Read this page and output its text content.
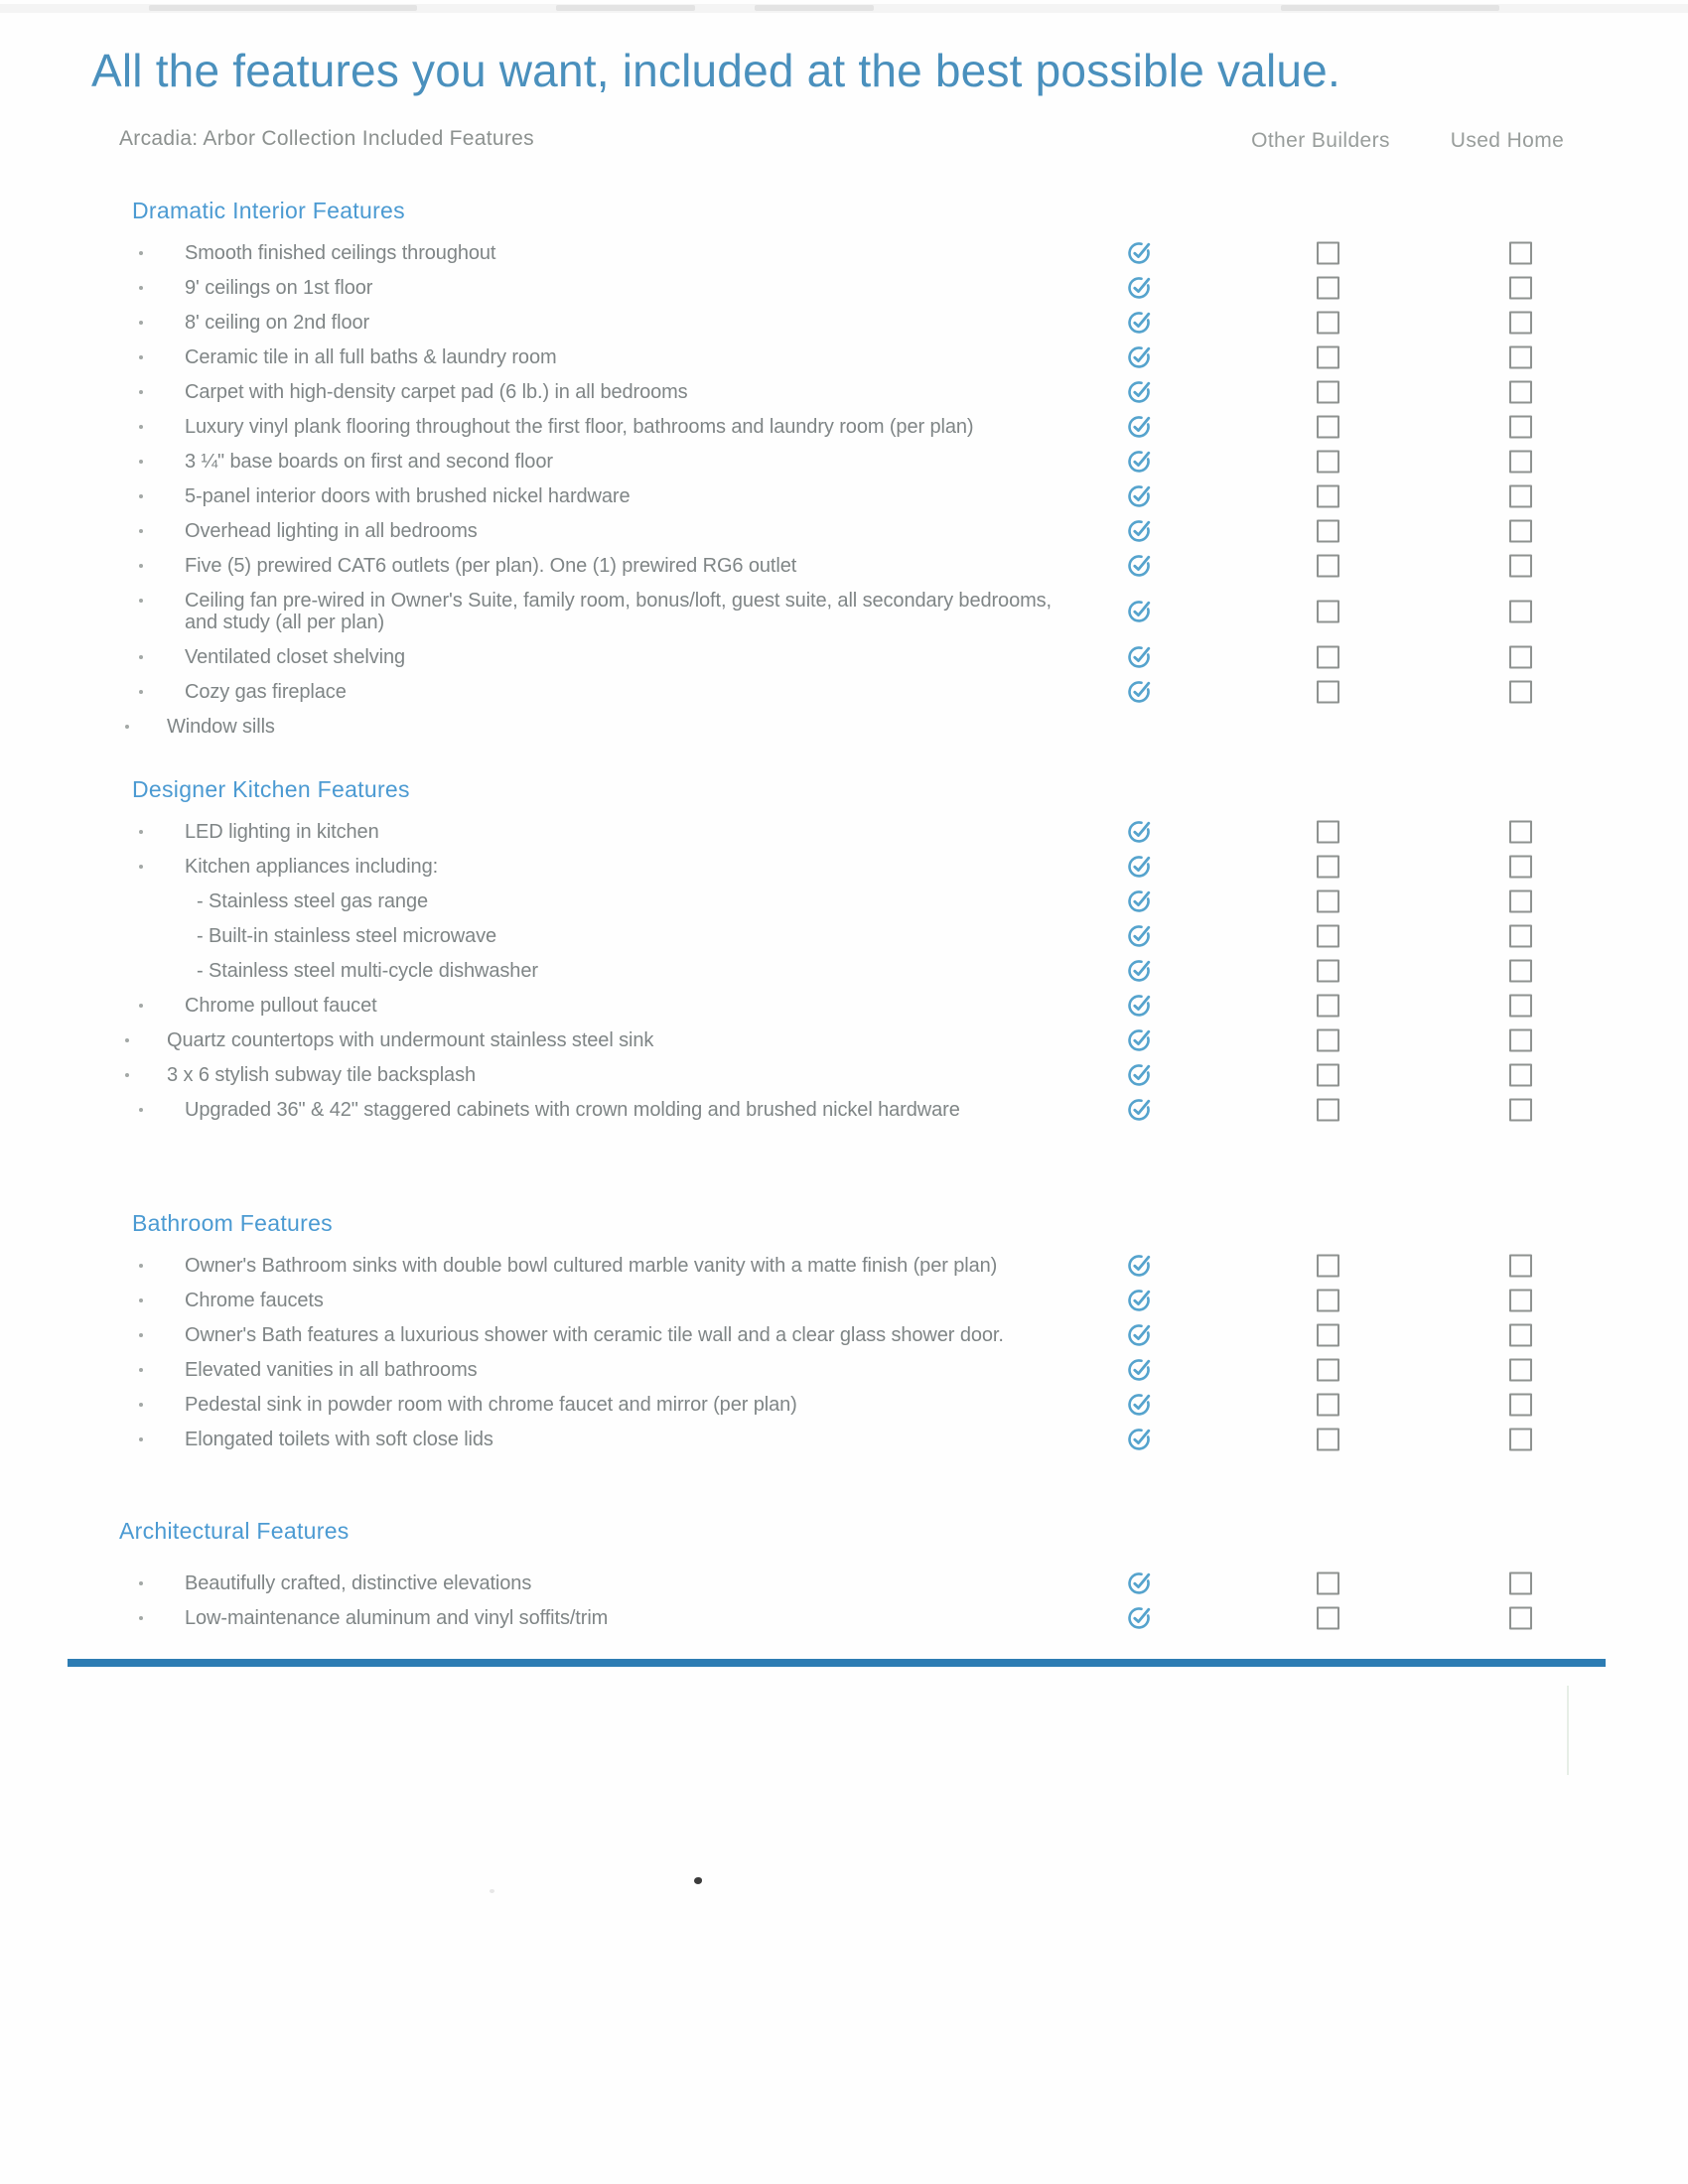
All the features you want, included at the best possible value.
Arcadia: Arbor Collection Included Features	Other Builders	Used Home
Dramatic Interior Features
Smooth finished ceilings throughout
9' ceilings on 1st floor
8' ceiling on 2nd floor
Ceramic tile in all full baths & laundry room
Carpet with high-density carpet pad (6 lb.) in all bedrooms
Luxury vinyl plank flooring throughout the first floor, bathrooms and laundry room (per plan)
3 ¼" base boards on first and second floor
5-panel interior doors with brushed nickel hardware
Overhead lighting in all bedrooms
Five (5) prewired CAT6 outlets (per plan). One (1) prewired RG6 outlet
Ceiling fan pre-wired in Owner's Suite, family room, bonus/loft, guest suite, all secondary bedrooms, and study (all per plan)
Ventilated closet shelving
Cozy gas fireplace
Window sills
Designer Kitchen Features
LED lighting in kitchen
Kitchen appliances including:
- Stainless steel gas range
- Built-in stainless steel microwave
- Stainless steel multi-cycle dishwasher
Chrome pullout faucet
Quartz countertops with undermount stainless steel sink
3 x 6 stylish subway tile backsplash
Upgraded 36" & 42" staggered cabinets with crown molding and brushed nickel hardware
Bathroom Features
Owner's Bathroom sinks with double bowl cultured marble vanity with a matte finish (per plan)
Chrome faucets
Owner's Bath features a luxurious shower with ceramic tile wall and a clear glass shower door.
Elevated vanities in all bathrooms
Pedestal sink in powder room with chrome faucet and mirror (per plan)
Elongated toilets with soft close lids
Architectural Features
Beautifully crafted, distinctive elevations
Low-maintenance aluminum and vinyl soffits/trim
